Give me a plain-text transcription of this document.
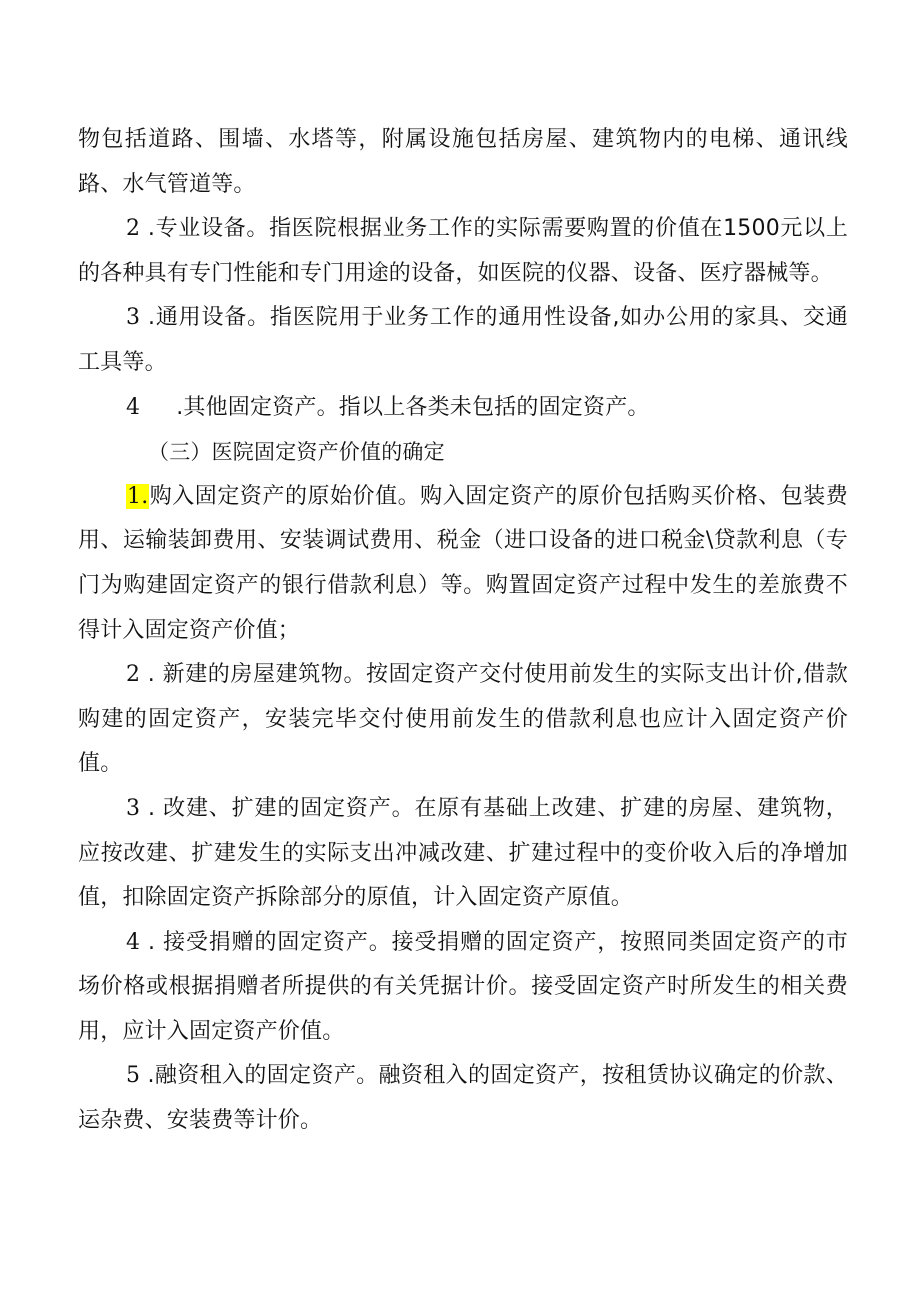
物包括道路、围墙、水塔等，附属设施包括房屋、建筑物内的电梯、通讯线路、水气管道等。

2 .专业设备。指医院根据业务工作的实际需要购置的价值在1500元以上的各种具有专门性能和专门用途的设备，如医院的仪器、设备、医疗器械等。

3 .通用设备。指医院用于业务工作的通用性设备,如办公用的家具、交通工具等。

4 .其他固定资产。指以上各类未包括的固定资产。

（三）医院固定资产价值的确定

1.购入固定资产的原始价值。购入固定资产的原价包括购买价格、包装费用、运输装卸费用、安装调试费用、税金（进口设备的进口税金\贷款利息（专门为购建固定资产的银行借款利息）等。购置固定资产过程中发生的差旅费不得计入固定资产价值；

2 . 新建的房屋建筑物。按固定资产交付使用前发生的实际支出计价,借款购建的固定资产，安装完毕交付使用前发生的借款利息也应计入固定资产价值。

3 . 改建、扩建的固定资产。在原有基础上改建、扩建的房屋、建筑物，应按改建、扩建发生的实际支出冲减改建、扩建过程中的变价收入后的净增加值，扣除固定资产拆除部分的原值，计入固定资产原值。

4 . 接受捐赠的固定资产。接受捐赠的固定资产，按照同类固定资产的市场价格或根据捐赠者所提供的有关凭据计价。接受固定资产时所发生的相关费用，应计入固定资产价值。

5 .融资租入的固定资产。融资租入的固定资产，按租赁协议确定的价款、运杂费、安装费等计价。
